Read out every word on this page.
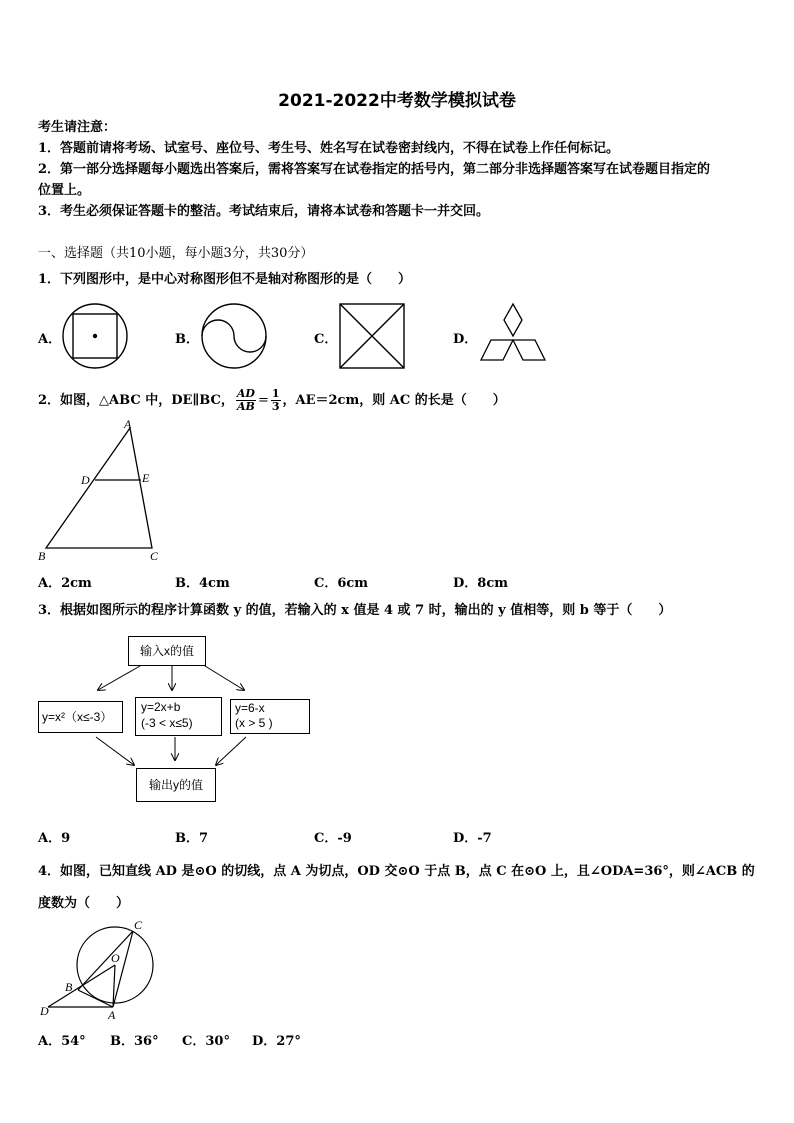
2021-2022中考数学模拟试卷
考生请注意：
1．答题前请将考场、试室号、座位号、考生号、姓名写在试卷密封线内，不得在试卷上作任何标记。
2．第一部分选择题每小题选出答案后，需将答案写在试卷指定的括号内，第二部分非选择题答案写在试卷题目指定的
位置上。
3．考生必须保证答题卡的整洁。考试结束后，请将本试卷和答题卡一并交回。
一、选择题（共10小题，每小题3分，共30分）
1．下列图形中，是中心对称图形但不是轴对称图形的是（　　）
A．	B．	C．	D．
2．如图，△ABC 中，DE∥BC， $\frac{AD}{AB} = \frac{1}{3}$ ，AE＝2cm，则 AC 的长是（　　）
A
D	E
B	C
A．2cm	B．4cm	C．6cm	D．8cm
3．根据如图所示的程序计算函数 y 的值，若输入的 x 值是 4 或 7 时，输出的 y 值相等，则 b 等于（　　）
输入x的值
y=x²（x≤-3）
y=2x+b
(-3 < x≤5)
y=6-x
(x > 5 )
输出y的值
A．9	B．7	C．-9	D．-7
4．如图，已知直线 AD 是⊙O 的切线，点 A 为切点，OD 交⊙O 于点 B，点 C 在⊙O 上，且∠ODA=36°，则∠ACB 的
度数为（　　）
C
O
B
D	A
A．54° B．36° C．30° D．27°
